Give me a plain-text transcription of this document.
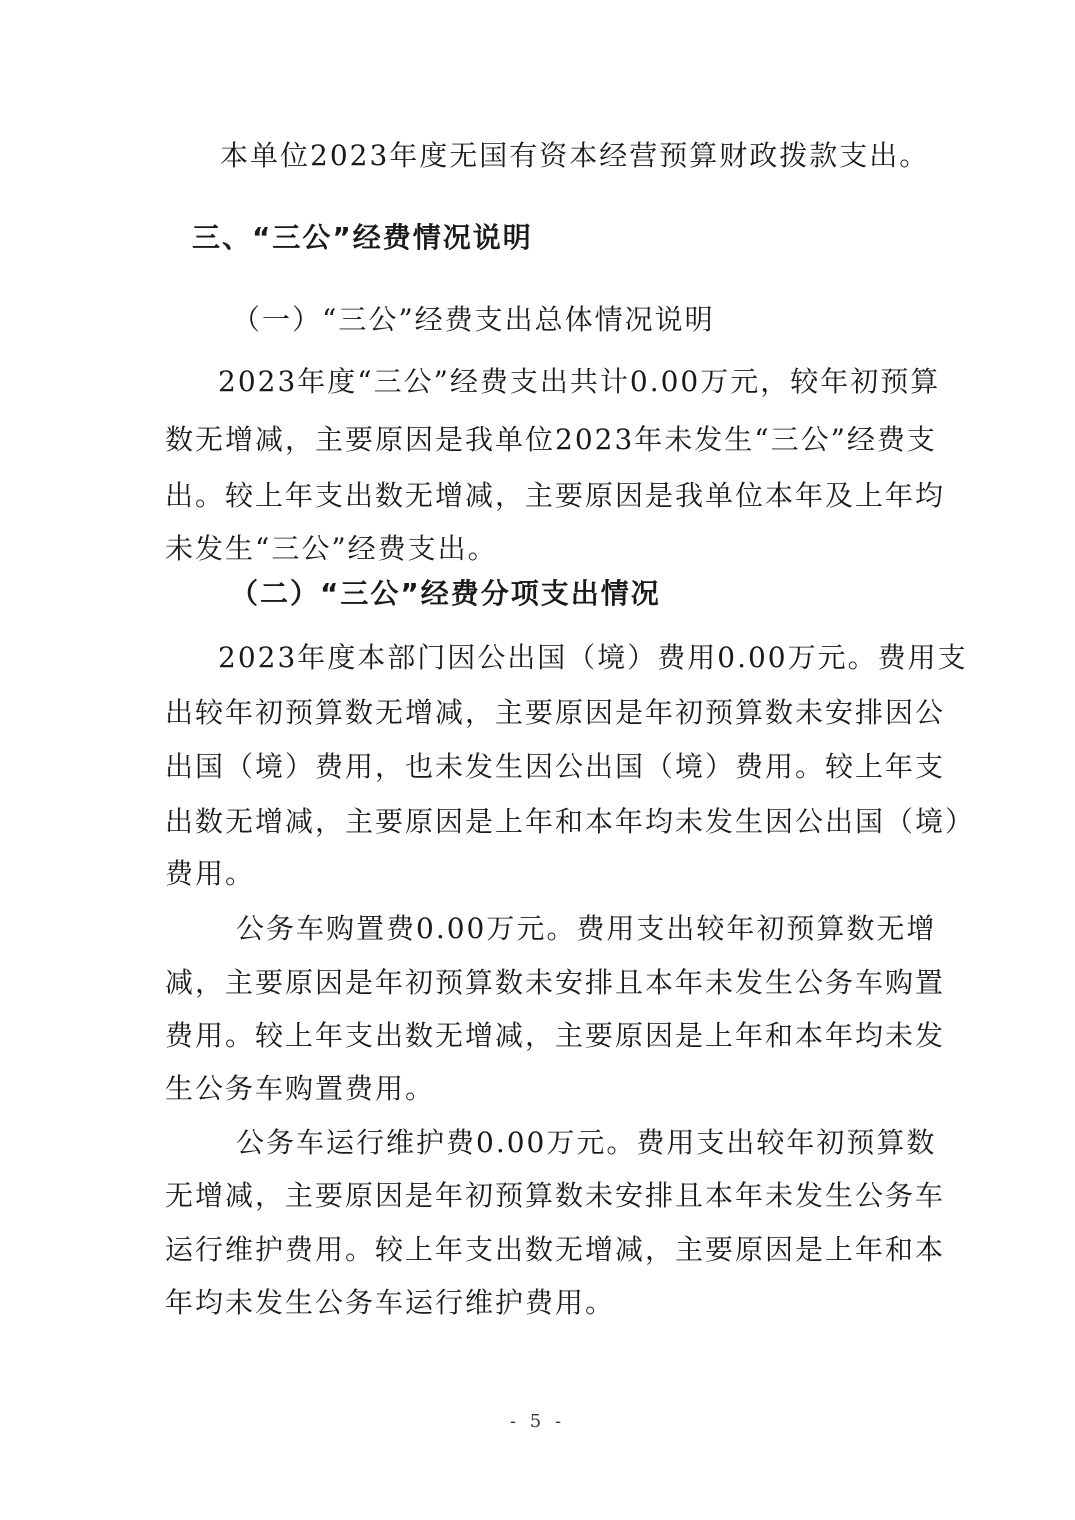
本单位2023年度无国有资本经营预算财政拨款支出。
三、“三公”经费情况说明
（一）“三公”经费支出总体情况说明
2023年度“三公”经费支出共计0.00万元，较年初预算
数无增减，主要原因是我单位2023年未发生“三公”经费支
出。较上年支出数无增减，主要原因是我单位本年及上年均
未发生“三公”经费支出。
（二）“三公”经费分项支出情况
2023年度本部门因公出国（境）费用0.00万元。费用支
出较年初预算数无增减，主要原因是年初预算数未安排因公
出国（境）费用，也未发生因公出国（境）费用。较上年支
出数无增减，主要原因是上年和本年均未发生因公出国（境）
费用。
公务车购置费0.00万元。费用支出较年初预算数无增
减，主要原因是年初预算数未安排且本年未发生公务车购置
费用。较上年支出数无增减，主要原因是上年和本年均未发
生公务车购置费用。
公务车运行维护费0.00万元。费用支出较年初预算数
无增减，主要原因是年初预算数未安排且本年未发生公务车
运行维护费用。较上年支出数无增减，主要原因是上年和本
年均未发生公务车运行维护费用。
- 5 -
